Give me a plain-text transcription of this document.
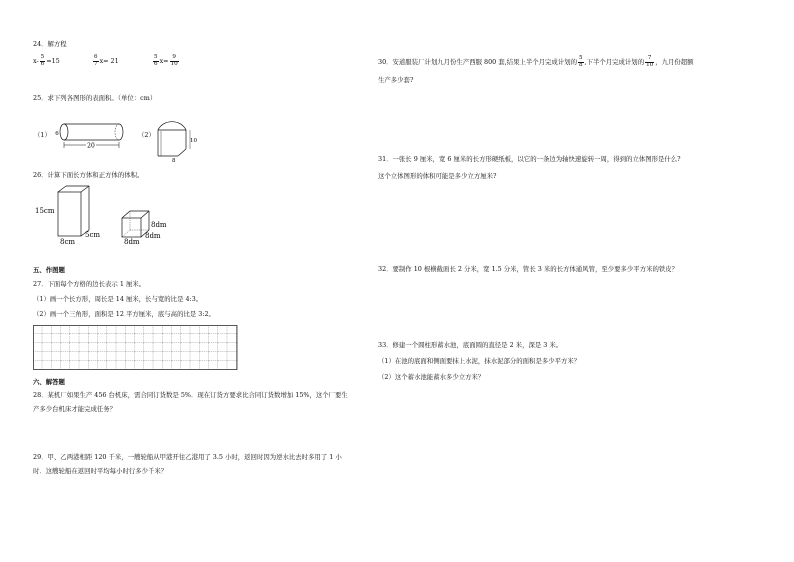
24．解方程
$x- \frac{5}{6} =15$	$\frac{6}{7} x= 21$	$\frac{5}{6} x= \frac{9}{10}$
25．求下列各图形的表面积。（单位：cm）
（1）
20
6	（2）
10
8
26．计算下面长方体和正方体的体积。
15cm
8cm
5cm
8dm
8dm
8dm
五、作图题
27．下面每个方格的边长表示 1 厘米。
（1）画一个长方形，周长是 14 厘米，长与宽的比是 4:3。
（2）画一个三角形，面积是 12 平方厘米，底与高的比是 3:2。
六、解答题
28．某机厂如果生产 456 台机床，需合同订货数是 5%．现在订货方要求比合同订货数增加 15%，这个厂要生
产多少台机床才能完成任务？
29．甲、乙两港相距 120 千米，一艘轮船从甲港开往乙港用了 3.5 小时，返回时因为逆水比去时多用了 1 小
时．这艘轮船在返回时平均每小时行多少千米？
30．安道服装厂计划九月份生产西服 800 套,结果上半个月完成计划的 $\frac{5}{8}$ ,下半个月完成计划的 $\frac{7}{10}$ ，九月份超额
生产多少套?
31．一张长 9 厘米，宽 6 厘米的长方形硬纸板，以它的一条边为轴快速旋转一周，得到的立体图形是什么?
这个立体图形的体积可能是多少立方厘米?
32．要制作 10 根横截面长 2 分米，宽 1.5 分米，管长 3 米的长方体通风管，至少要多少平方米的铁皮？
33．修建一个圆柱形蓄水池，底面圆的直径是 2 米，深是 3 米。
（1）在池的底面和侧面要抹上水泥，抹水泥部分的面积是多少平方米？
（2）这个蓄水池能蓄水多少立方米？
